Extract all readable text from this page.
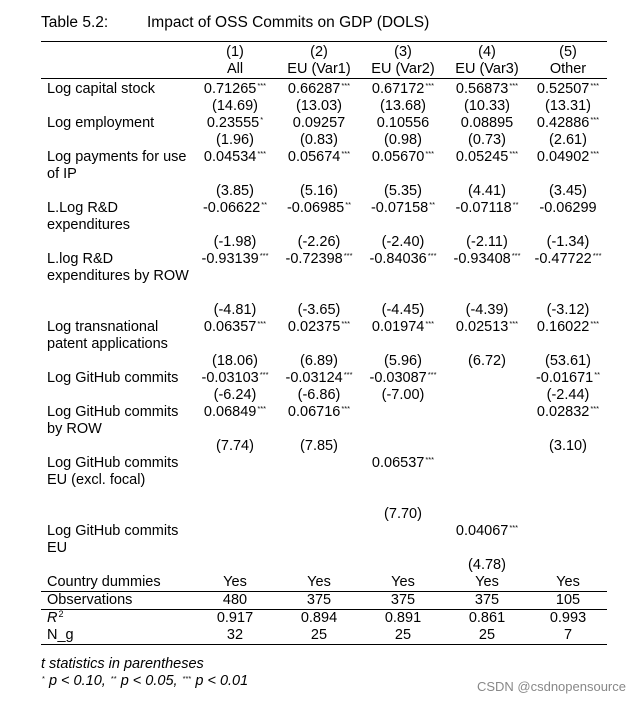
Table 5.2:	Impact of OSS Commits on GDP (DOLS)
	(1)	(2)	(3)	(4)	(5)
	All	EU (Var1)	EU (Var2)	EU (Var3)	Other
Log capital stock	0.71265***	0.66287***	0.67172***	0.56873***	0.52507***
	(14.69)	(13.03)	(13.68)	(10.33)	(13.31)
Log employment	0.23555*	0.09257	0.10556	0.08895	0.42886***
	(1.96)	(0.83)	(0.98)	(0.73)	(2.61)
Log payments for use of IP	0.04534***	0.05674***	0.05670***	0.05245***	0.04902***
	(3.85)	(5.16)	(5.35)	(4.41)	(3.45)
L.Log R&D expenditures	-0.06622**	-0.06985**	-0.07158**	-0.07118**	-0.06299
	(-1.98)	(-2.26)	(-2.40)	(-2.11)	(-1.34)
L.log R&D expenditures by ROW	-0.93139***	-0.72398***	-0.84036***	-0.93408***	-0.47722***
	(-4.81)	(-3.65)	(-4.45)	(-4.39)	(-3.12)
Log transnational patent applications	0.06357***	0.02375***	0.01974***	0.02513***	0.16022***
	(18.06)	(6.89)	(5.96)	(6.72)	(53.61)
Log GitHub commits	-0.03103***	-0.03124***	-0.03087***		-0.01671**
	(-6.24)	(-6.86)	(-7.00)		(-2.44)
Log GitHub commits by ROW	0.06849***	0.06716***			0.02832***
	(7.74)	(7.85)			(3.10)
Log GitHub commits EU (excl. focal)			0.06537***		
			(7.70)		
Log GitHub commits EU				0.04067***	
				(4.78)	
Country dummies	Yes	Yes	Yes	Yes	Yes
Observations	480	375	375	375	105
$R^2$	0.917	0.894	0.891	0.861	0.993
N_g	32	25	25	25	7
t statistics in parentheses
* p < 0.10, ** p < 0.05, *** p < 0.01	CSDN @csdnopensource
